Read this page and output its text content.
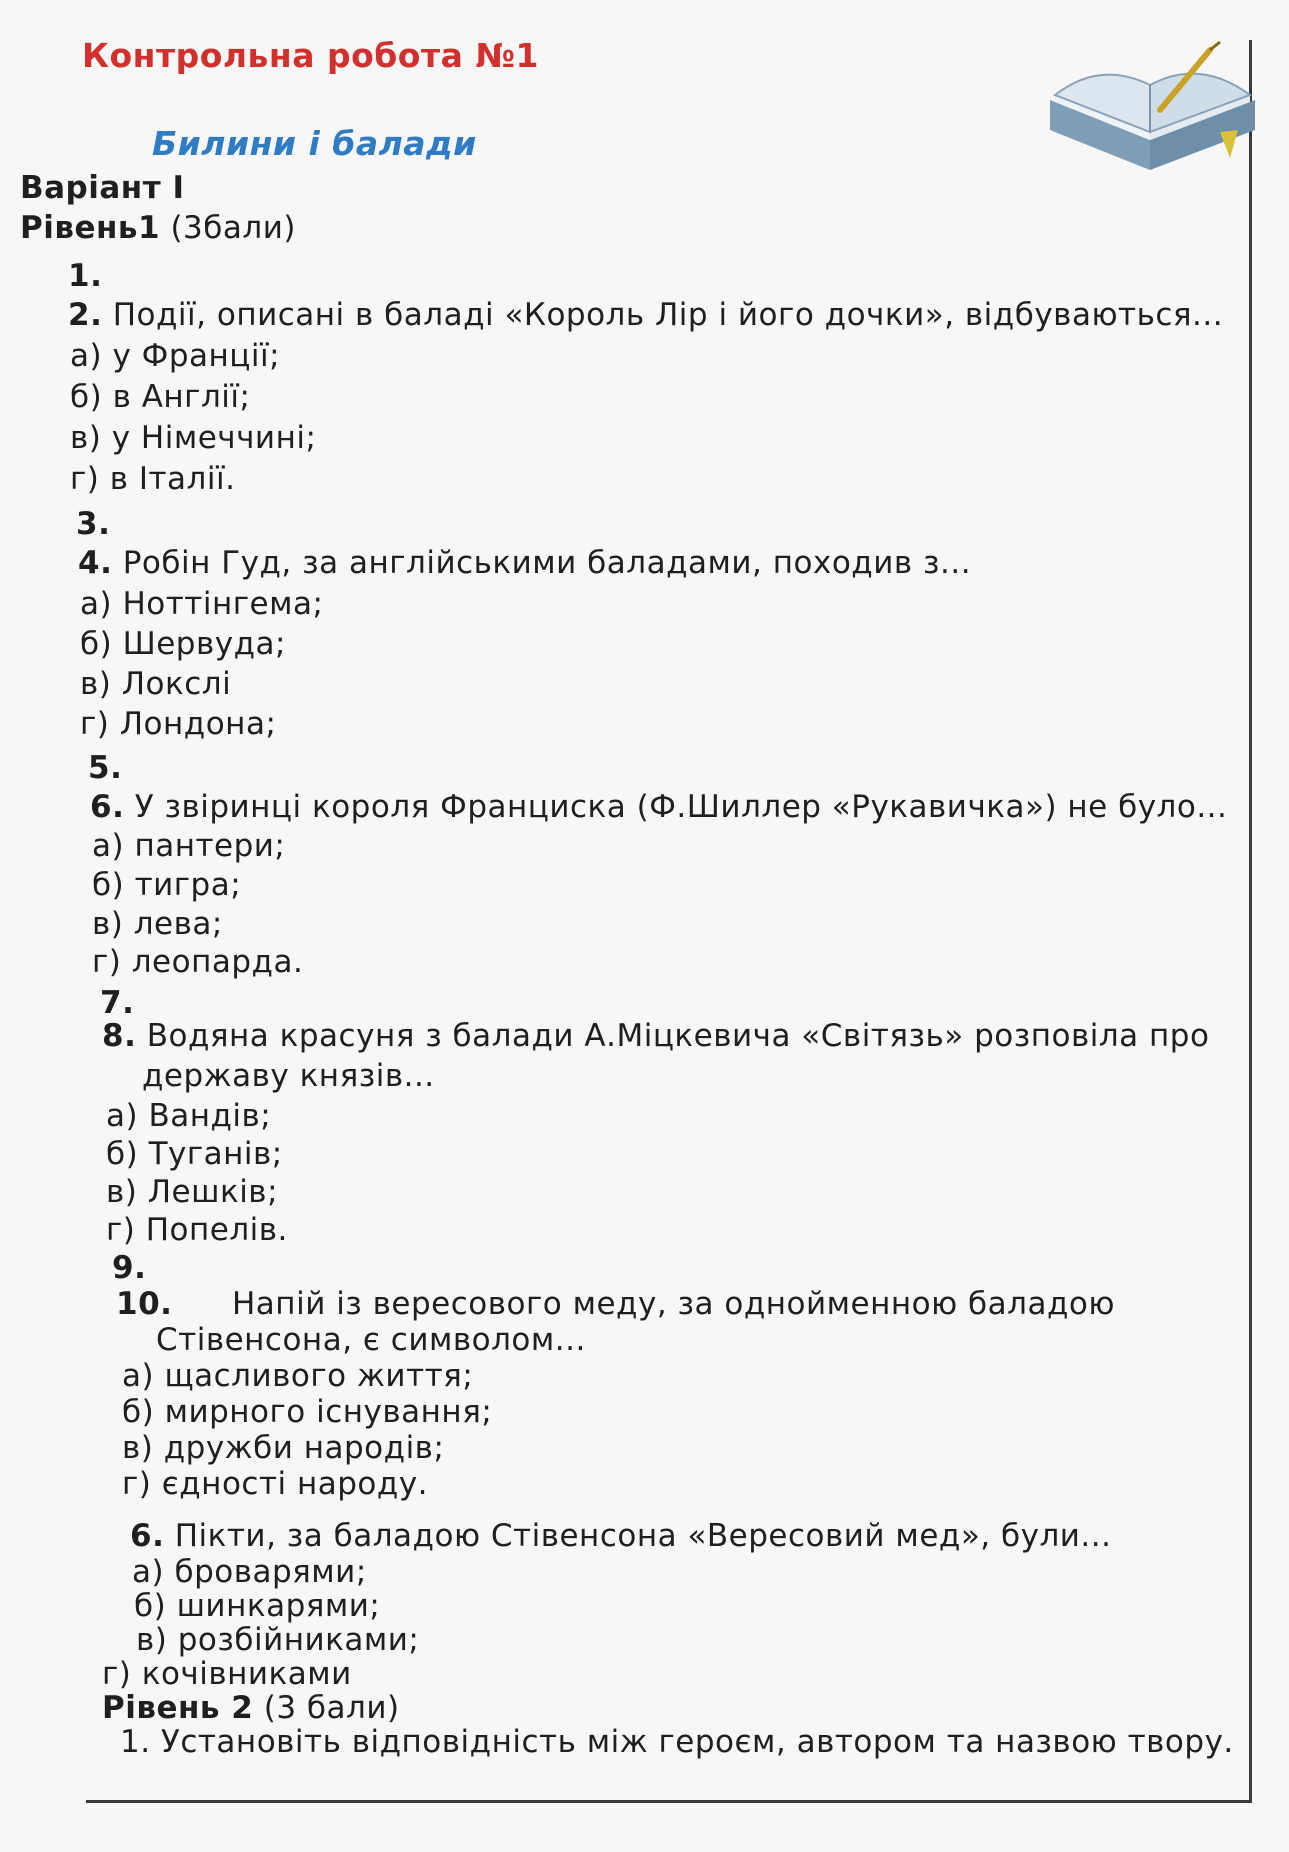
Контрольна робота №1
Билини і балади
Варіант I
Рівень1 (3бали)
1.
2. Події, описані в баладі «Король Лір і його дочки», відбуваються...
а) у Франції;
б) в Англії;
в) у Німеччині;
г) в Італії.
3.
4. Робін Гуд, за англійськими баладами, походив з...
а) Ноттінгема;
б) Шервуда;
в) Локслі
г) Лондона;
5.
6. У звіринці короля Франциска (Ф.Шиллер «Рукавичка») не було...
а) пантери;
б) тигра;
в) лева;
г) леопарда.
7.
8. Водяна красуня з балади А.Міцкевича «Світязь» розповіла про
державу князів...
а) Вандів;
б) Туганів;
в) Лешків;
г) Попелів.
9.
10. Напій із вересового меду, за однойменною баладою
Стівенсона, є символом...
а) щасливого життя;
б) мирного існування;
в) дружби народів;
г) єдності народу.
6. Пікти, за баладою Стівенсона «Вересовий мед», були...
а) броварями;
б) шинкарями;
в) розбійниками;
г) кочівниками
Рівень 2 (3 бали)
1. Установіть відповідність між героєм, автором та назвою твору.
